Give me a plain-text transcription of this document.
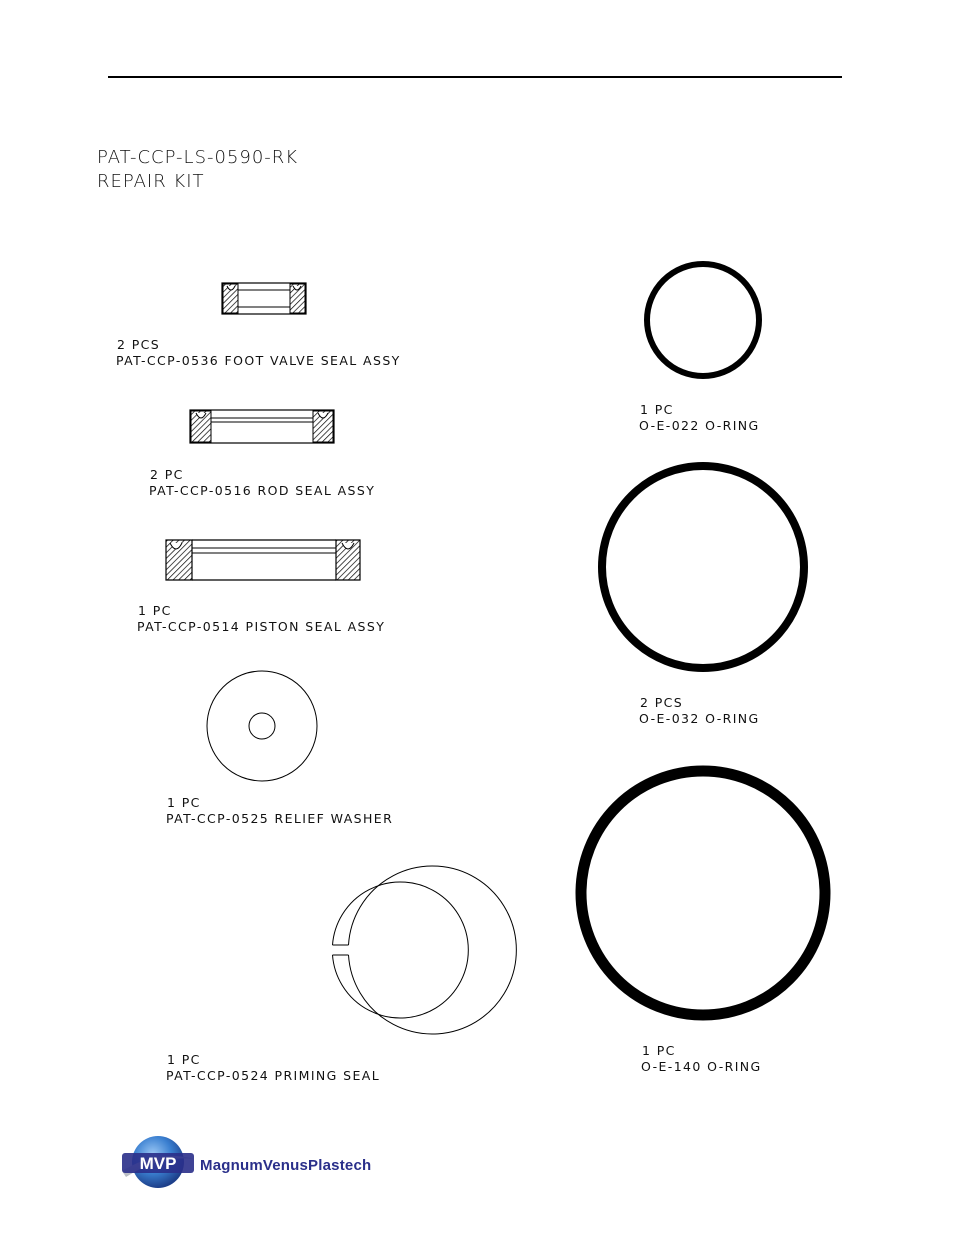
PAT-CCP-LS-0590-RK
REPAIR KIT
2 PCS
PAT-CCP-0536 FOOT VALVE SEAL ASSY
2 PC
PAT-CCP-0516 ROD SEAL ASSY
1 PC
PAT-CCP-0514 PISTON SEAL ASSY
1 PC
PAT-CCP-0525 RELIEF WASHER
1 PC
PAT-CCP-0524 PRIMING SEAL
1 PC
O-E-022 O-RING
2 PCS
O-E-032 O-RING
1 PC
O-E-140 O-RING
MVP MagnumVenusPlastech
